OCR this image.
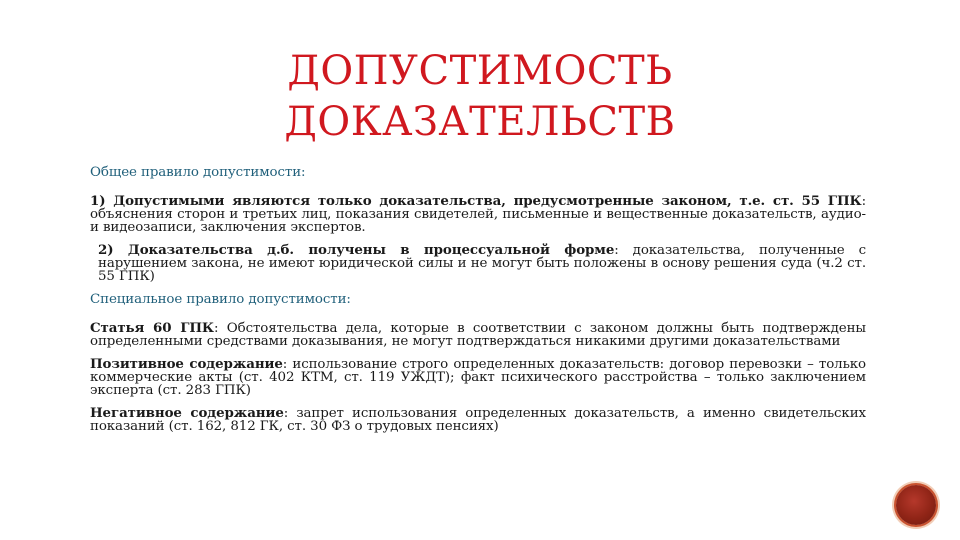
ДОПУСТИМОСТЬ
ДОКАЗАТЕЛЬСТВ

Общее правило допустимости:

1) Допустимыми являются только доказательства, предусмотренные законом, т.е. ст. 55 ГПК: объяснения сторон и третьих лиц, показания свидетелей, письменные и вещественные доказательств, аудио- и видеозаписи, заключения экспертов.

2) Доказательства д.б. получены в процессуальной форме: доказательства, полученные с нарушением закона, не имеют юридической силы и не могут быть положены в основу решения суда (ч.2 ст. 55 ГПК)

Специальное правило допустимости:

Статья 60 ГПК: Обстоятельства дела, которые в соответствии с законом должны быть подтверждены определенными средствами доказывания, не могут подтверждаться никакими другими доказательствами

Позитивное содержание: использование строго определенных доказательств: договор перевозки – только коммерческие акты (ст. 402 КТМ, ст. 119 УЖДТ); факт психического расстройства – только заключением эксперта (ст. 283 ГПК)

Негативное содержание: запрет использования определенных доказательств, а именно свидетельских показаний (ст. 162, 812 ГК, ст. 30 ФЗ о трудовых пенсиях)
